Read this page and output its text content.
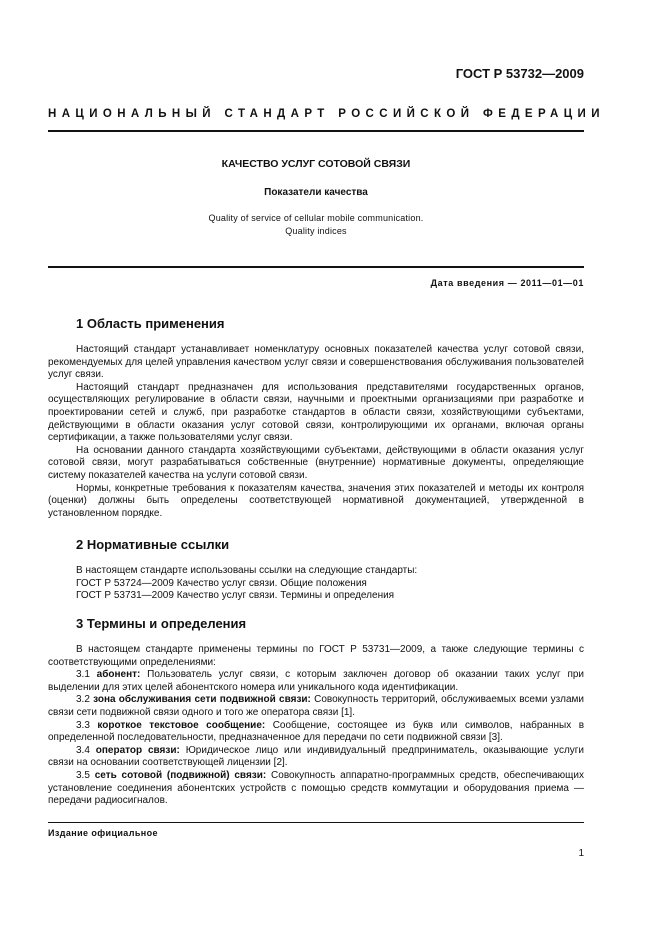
ГОСТ Р 53732—2009
НАЦИОНАЛЬНЫЙ СТАНДАРТ РОССИЙСКОЙ ФЕДЕРАЦИИ
КАЧЕСТВО УСЛУГ СОТОВОЙ СВЯЗИ
Показатели качества
Quality of service of cellular mobile communication.
Quality indices
Дата введения — 2011—01—01
1 Область применения

Настоящий стандарт устанавливает номенклатуру основных показателей качества услуг сотовой связи, рекомендуемых для целей управления качеством услуг связи и совершенствования обслуживания пользователей услуг связи.

Настоящий стандарт предназначен для использования представителями государственных органов, осуществляющих регулирование в области связи, научными и проектными организациями при разработке и проектировании сетей и служб, при разработке стандартов в области связи, хозяйствующими субъектами, действующими в области оказания услуг сотовой связи, контролирующими их органами, включая органы сертификации, а также пользователями услуг связи.

На основании данного стандарта хозяйствующими субъектами, действующими в области оказания услуг сотовой связи, могут разрабатываться собственные (внутренние) нормативные документы, определяющие систему показателей качества на услуги сотовой связи.

Нормы, конкретные требования к показателям качества, значения этих показателей и методы их контроля (оценки) должны быть определены соответствующей нормативной документацией, утвержденной в установленном порядке.

2 Нормативные ссылки

В настоящем стандарте использованы ссылки на следующие стандарты:

ГОСТ Р 53724—2009 Качество услуг связи. Общие положения

ГОСТ Р 53731—2009 Качество услуг связи. Термины и определения

3 Термины и определения

В настоящем стандарте применены термины по ГОСТ Р 53731—2009, а также следующие термины с соответствующими определениями:

3.1 абонент: Пользователь услуг связи, с которым заключен договор об оказании таких услуг при выделении для этих целей абонентского номера или уникального кода идентификации.

3.2 зона обслуживания сети подвижной связи: Совокупность территорий, обслуживаемых всеми узлами связи сети подвижной связи одного и того же оператора связи [1].

3.3 короткое текстовое сообщение: Сообщение, состоящее из букв или символов, набранных в определенной последовательности, предназначенное для передачи по сети подвижной связи [3].

3.4 оператор связи: Юридическое лицо или индивидуальный предприниматель, оказывающие услуги связи на основании соответствующей лицензии [2].

3.5 сеть сотовой (подвижной) связи: Совокупность аппаратно-программных средств, обеспечивающих установление соединения абонентских устройств с помощью средств коммутации и оборудования приема — передачи радиосигналов.

Издание официальное
1
